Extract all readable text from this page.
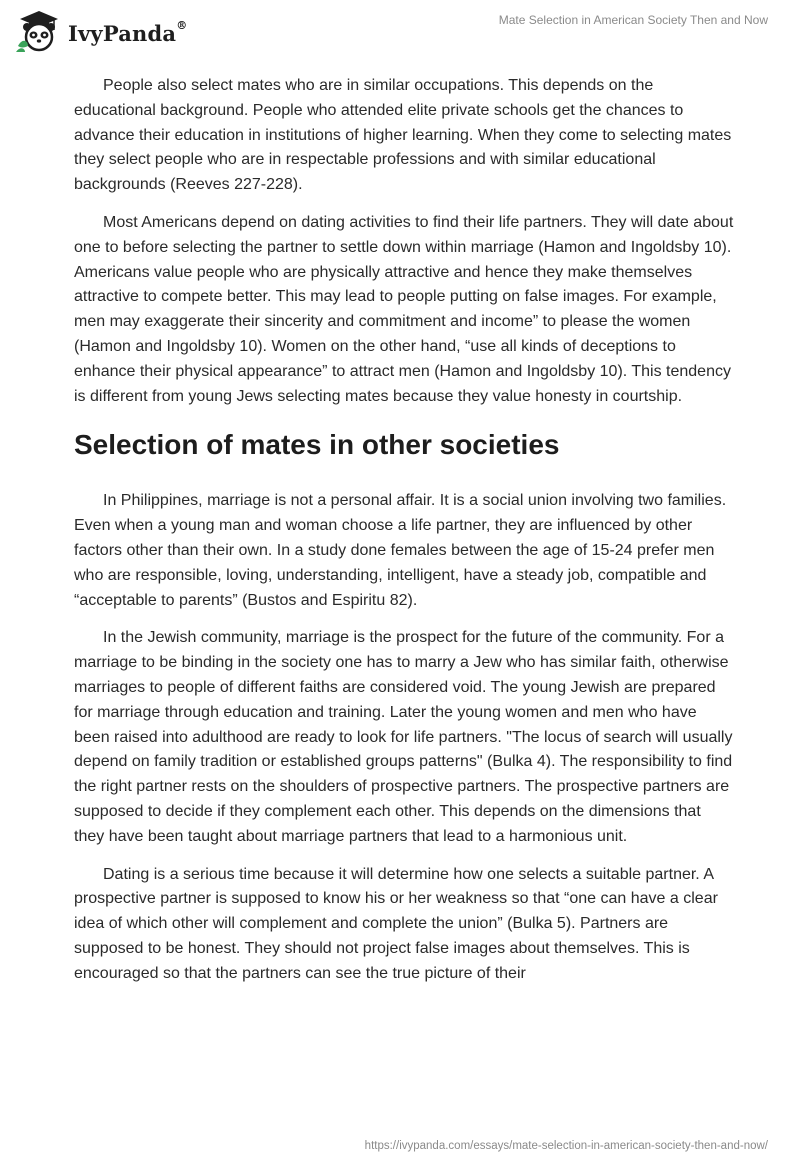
IvyPanda®	Mate Selection in American Society Then and Now

People also select mates who are in similar occupations. This depends on the educational background. People who attended elite private schools get the chances to advance their education in institutions of higher learning. When they come to selecting mates they select people who are in respectable professions and with similar educational backgrounds (Reeves 227-228).

Most Americans depend on dating activities to find their life partners. They will date about one to before selecting the partner to settle down within marriage (Hamon and Ingoldsby 10). Americans value people who are physically attractive and hence they make themselves attractive to compete better. This may lead to people putting on false images. For example, men may exaggerate their sincerity and commitment and income” to please the women (Hamon and Ingoldsby 10). Women on the other hand, “use all kinds of deceptions to enhance their physical appearance” to attract men (Hamon and Ingoldsby 10). This tendency is different from young Jews selecting mates because they value honesty in courtship.

Selection of mates in other societies

In Philippines, marriage is not a personal affair. It is a social union involving two families. Even when a young man and woman choose a life partner, they are influenced by other factors other than their own. In a study done females between the age of 15-24 prefer men who are responsible, loving, understanding, intelligent, have a steady job, compatible and “acceptable to parents” (Bustos and Espiritu 82).

In the Jewish community, marriage is the prospect for the future of the community. For a marriage to be binding in the society one has to marry a Jew who has similar faith, otherwise marriages to people of different faiths are considered void. The young Jewish are prepared for marriage through education and training. Later the young women and men who have been raised into adulthood are ready to look for life partners. "The locus of search will usually depend on family tradition or established groups patterns" (Bulka 4). The responsibility to find the right partner rests on the shoulders of prospective partners. The prospective partners are supposed to decide if they complement each other. This depends on the dimensions that they have been taught about marriage partners that lead to a harmonious unit.

Dating is a serious time because it will determine how one selects a suitable partner. A prospective partner is supposed to know his or her weakness so that “one can have a clear idea of which other will complement and complete the union” (Bulka 5). Partners are supposed to be honest. They should not project false images about themselves. This is encouraged so that the partners can see the true picture of their

https://ivypanda.com/essays/mate-selection-in-american-society-then-and-now/
